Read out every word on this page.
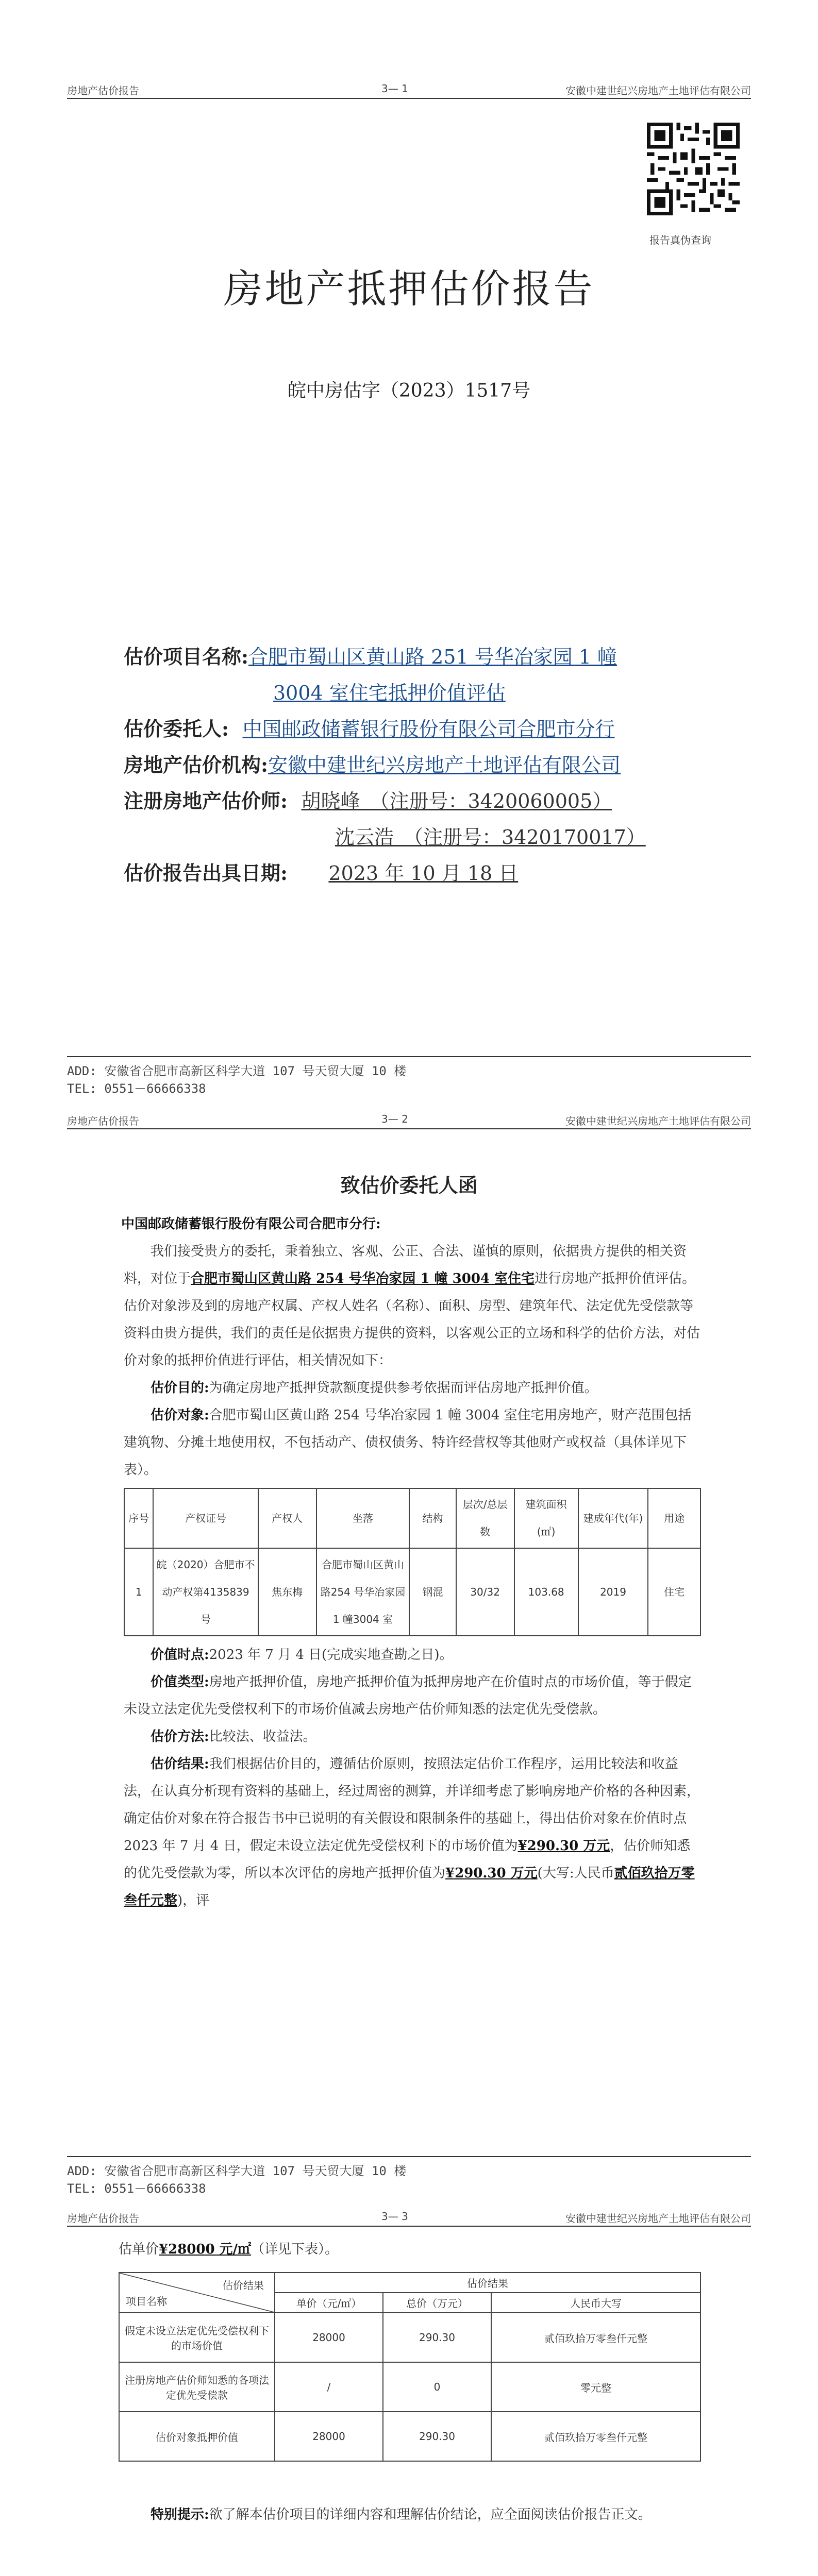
房地产估价报告	3— 1	安徽中建世纪兴房地产土地评估有限公司
报告真伪查询
房地产抵押估价报告
皖中房估字（2023）1517号
估价项目名称:合肥市蜀山区黄山路 251 号华冶家园 1 幢
3004 室住宅抵押价值评估
估价委托人: 中国邮政储蓄银行股份有限公司合肥市分行
房地产估价机构:安徽中建世纪兴房地产土地评估有限公司
注册房地产估价师: 胡晓峰　（注册号：3420060005）
沈云浩　（注册号：3420170017）
估价报告出具日期: 2023 年 10 月 18 日
ADD: 安徽省合肥市高新区科学大道 107 号天贸大厦 10 楼
TEL: 0551－66666338
房地产估价报告	3— 2	安徽中建世纪兴房地产土地评估有限公司
致估价委托人函
中国邮政储蓄银行股份有限公司合肥市分行:
我们接受贵方的委托，秉着独立、客观、公正、合法、谨慎的原则，依据贵方提供的相关资料，对位于合肥市蜀山区黄山路 254 号华冶家园 1 幢 3004 室住宅进行房地产抵押价值评估。估价对象涉及到的房地产权属、产权人姓名（名称）、面积、房型、建筑年代、法定优先受偿款等资料由贵方提供，我们的责任是依据贵方提供的资料，以客观公正的立场和科学的估价方法，对估价对象的抵押价值进行评估，相关情况如下：
估价目的:为确定房地产抵押贷款额度提供参考依据而评估房地产抵押价值。
估价对象:合肥市蜀山区黄山路 254 号华冶家园 1 幢 3004 室住宅用房地产，财产范围包括建筑物、分摊土地使用权，不包括动产、债权债务、特许经营权等其他财产或权益（具体详见下表）。
序号	产权证号	产权人	坐落	结构	层次/总层数	建筑面积(㎡)	建成年代(年)	用途
1	皖（2020）合肥市不动产权第4135839 号	焦东梅	合肥市蜀山区黄山路254 号华冶家园 1 幢3004 室	钢混	30/32	103.68	2019	住宅
价值时点:2023 年 7 月 4 日(完成实地查勘之日)。
价值类型:房地产抵押价值，房地产抵押价值为抵押房地产在价值时点的市场价值，等于假定未设立法定优先受偿权利下的市场价值减去房地产估价师知悉的法定优先受偿款。
估价方法:比较法、收益法。
估价结果:我们根据估价目的，遵循估价原则，按照法定估价工作程序，运用比较法和收益法，在认真分析现有资料的基础上，经过周密的测算，并详细考虑了影响房地产价格的各种因素，确定估价对象在符合报告书中已说明的有关假设和限制条件的基础上，得出估价对象在价值时点 2023 年 7 月 4 日，假定未设立法定优先受偿权利下的市场价值为¥290.30 万元，估价师知悉的优先受偿款为零，所以本次评估的房地产抵押价值为¥290.30 万元(大写:人民币贰佰玖拾万零叁仟元整)，评
ADD: 安徽省合肥市高新区科学大道 107 号天贸大厦 10 楼
TEL: 0551－66666338
房地产估价报告	3— 3	安徽中建世纪兴房地产土地评估有限公司
估单价¥28000 元/㎡（详见下表）。
估价结果
项目名称	估价结果		
	单价（元/㎡）	总价（万元）	人民币大写
假定未设立法定优先受偿权利下的市场价值	28000	290.30	贰佰玖拾万零叁仟元整
注册房地产估价师知悉的各项法定优先受偿款	/	0	零元整
估价对象抵押价值	28000	290.30	贰佰玖拾万零叁仟元整
特别提示:欲了解本估价项目的详细内容和理解估价结论，应全面阅读估价报告正文。
